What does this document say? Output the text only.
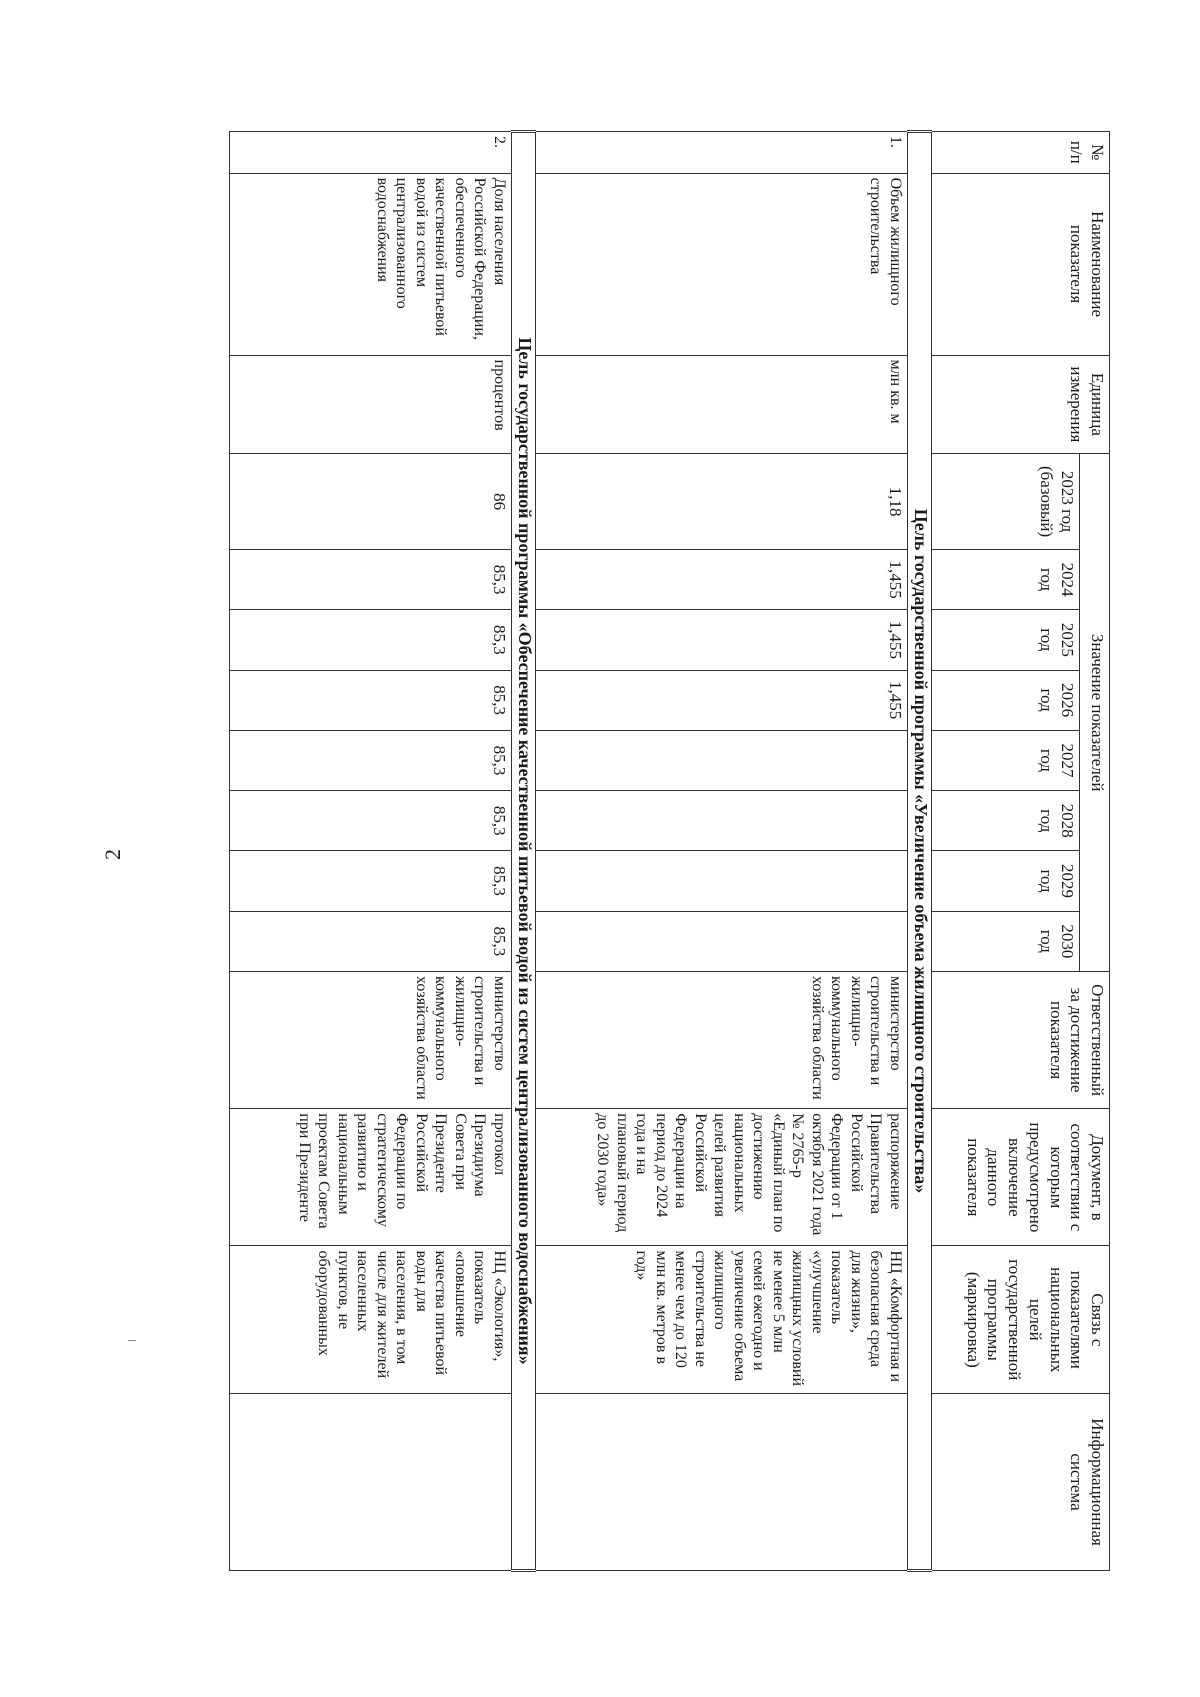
2
№ п/п	Наименование показателя	Единица измерения	Значение показателей								Ответственный за достижение показателя	Документ, в соответствии с которым предусмотрено включение данного показателя	Связь с показателями национальных целей государственной программы (маркировка)	Информационная система
			2023 год (базовый)	2024 год	2025 год	2026 год	2027 год	2028 год	2029 год	2030 год				
Цель государственной программы «Увеличение объема жилищного строительства»														
1.	Объем жилищного строительства	млн кв. м	1,18	1,455	1,455	1,455					министерство строительства и жилищно-коммунального хозяйства области	распоряжение Правительства Российской Федерации от 1 октября 2021 года № 2765-р «Единый план по достижению национальных целей развития Российской Федерации на период до 2024 года и на плановый период до 2030 года»	НЦ «Комфортная и безопасная среда для жизни», показатель «улучшение жилищных условий не менее 5 млн семей ежегодно и увеличение объема жилищного строительства не менее чем до 120 млн кв. метров в год»	
Цель государственной программы «Обеспечение качественной питьевой водой из систем централизованного водоснабжения»														
2.	Доля населения Российской Федерации, обеспеченного качественной питьевой водой из систем централизованного водоснабжения	процентов	86	85,3	85,3	85,3	85,3	85,3	85,3	85,3	министерство строительства и жилищно-коммунального хозяйства области	протокол Президиума Совета при Президенте Российской Федерации по стратегическому развитию и национальным проектам Совета при Президенте	НЦ «Экология», показатель «повышение качества питьевой воды для населения, в том числе для жителей населенных пунктов, не оборудованных	
